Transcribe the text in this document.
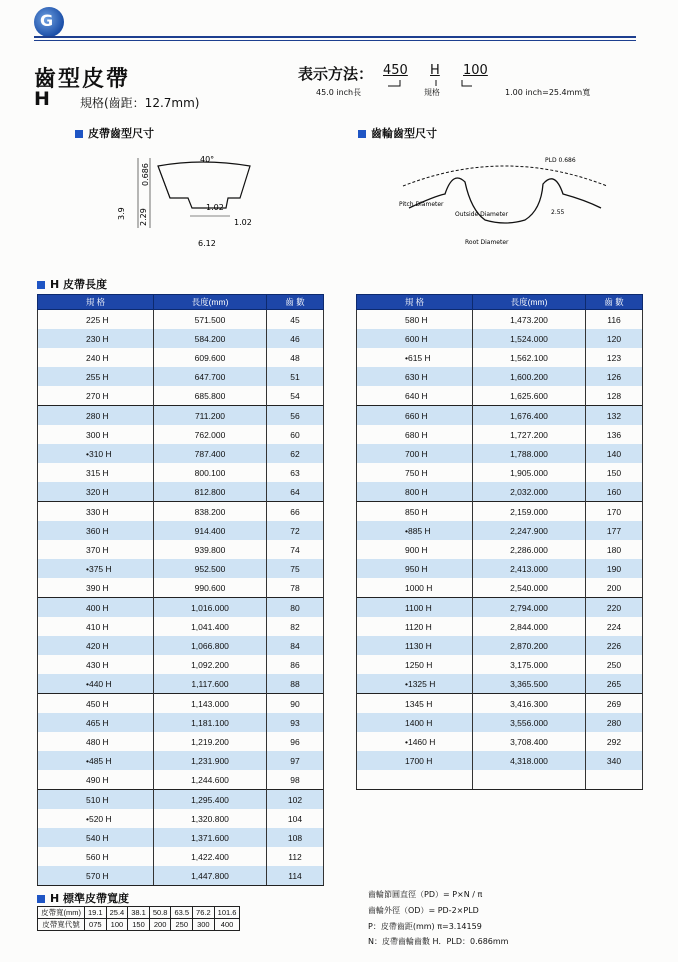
G
齒型皮帶
H	規格(齒距：12.7mm)
表示方法： 450 H 100
45.0 inch長	規格	1.00 inch=25.4mm寬
皮帶齒型尺寸	齒輪齒型尺寸
40°
1.02
1.02
6.12
0.686
3.9 2.29
Pitch Diameter
Outside Diameter
Root Diameter
PLD 0.686
2.55
H 皮帶長度
規 格	長度(mm)	齒 數
225 H	571.500	45
230 H	584.200	46
240 H	609.600	48
255 H	647.700	51
270 H	685.800	54
280 H	711.200	56
300 H	762.000	60
•310 H	787.400	62
315 H	800.100	63
320 H	812.800	64
330 H	838.200	66
360 H	914.400	72
370 H	939.800	74
•375 H	952.500	75
390 H	990.600	78
400 H	1,016.000	80
410 H	1,041.400	82
420 H	1,066.800	84
430 H	1,092.200	86
•440 H	1,117.600	88
450 H	1,143.000	90
465 H	1,181.100	93
480 H	1,219.200	96
•485 H	1,231.900	97
490 H	1,244.600	98
510 H	1,295.400	102
•520 H	1,320.800	104
540 H	1,371.600	108
560 H	1,422.400	112
570 H	1,447.800	114
規 格	長度(mm)	齒 數
580 H	1,473.200	116
600 H	1,524.000	120
•615 H	1,562.100	123
630 H	1,600.200	126
640 H	1,625.600	128
660 H	1,676.400	132
680 H	1,727.200	136
700 H	1,788.000	140
750 H	1,905.000	150
800 H	2,032.000	160
850 H	2,159.000	170
•885 H	2,247.900	177
900 H	2,286.000	180
950 H	2,413.000	190
1000 H	2,540.000	200
1100 H	2,794.000	220
1120 H	2,844.000	224
1130 H	2,870.200	226
1250 H	3,175.000	250
•1325 H	3,365.500	265
1345 H	3,416.300	269
1400 H	3,556.000	280
•1460 H	3,708.400	292
1700 H	4,318.000	340

H 標準皮帶寬度
皮帶寬(mm)	19.1	25.4	38.1	50.8	63.5	76.2	101.6
皮帶寬代號	075	100	150	200	250	300	400
齒輪節圓直徑（PD）= P×N / π
齒輪外徑（OD）= PD-2×PLD
P：皮帶齒距(mm) π=3.14159
N：皮帶齒輪齒數 H．PLD：0.686mm
